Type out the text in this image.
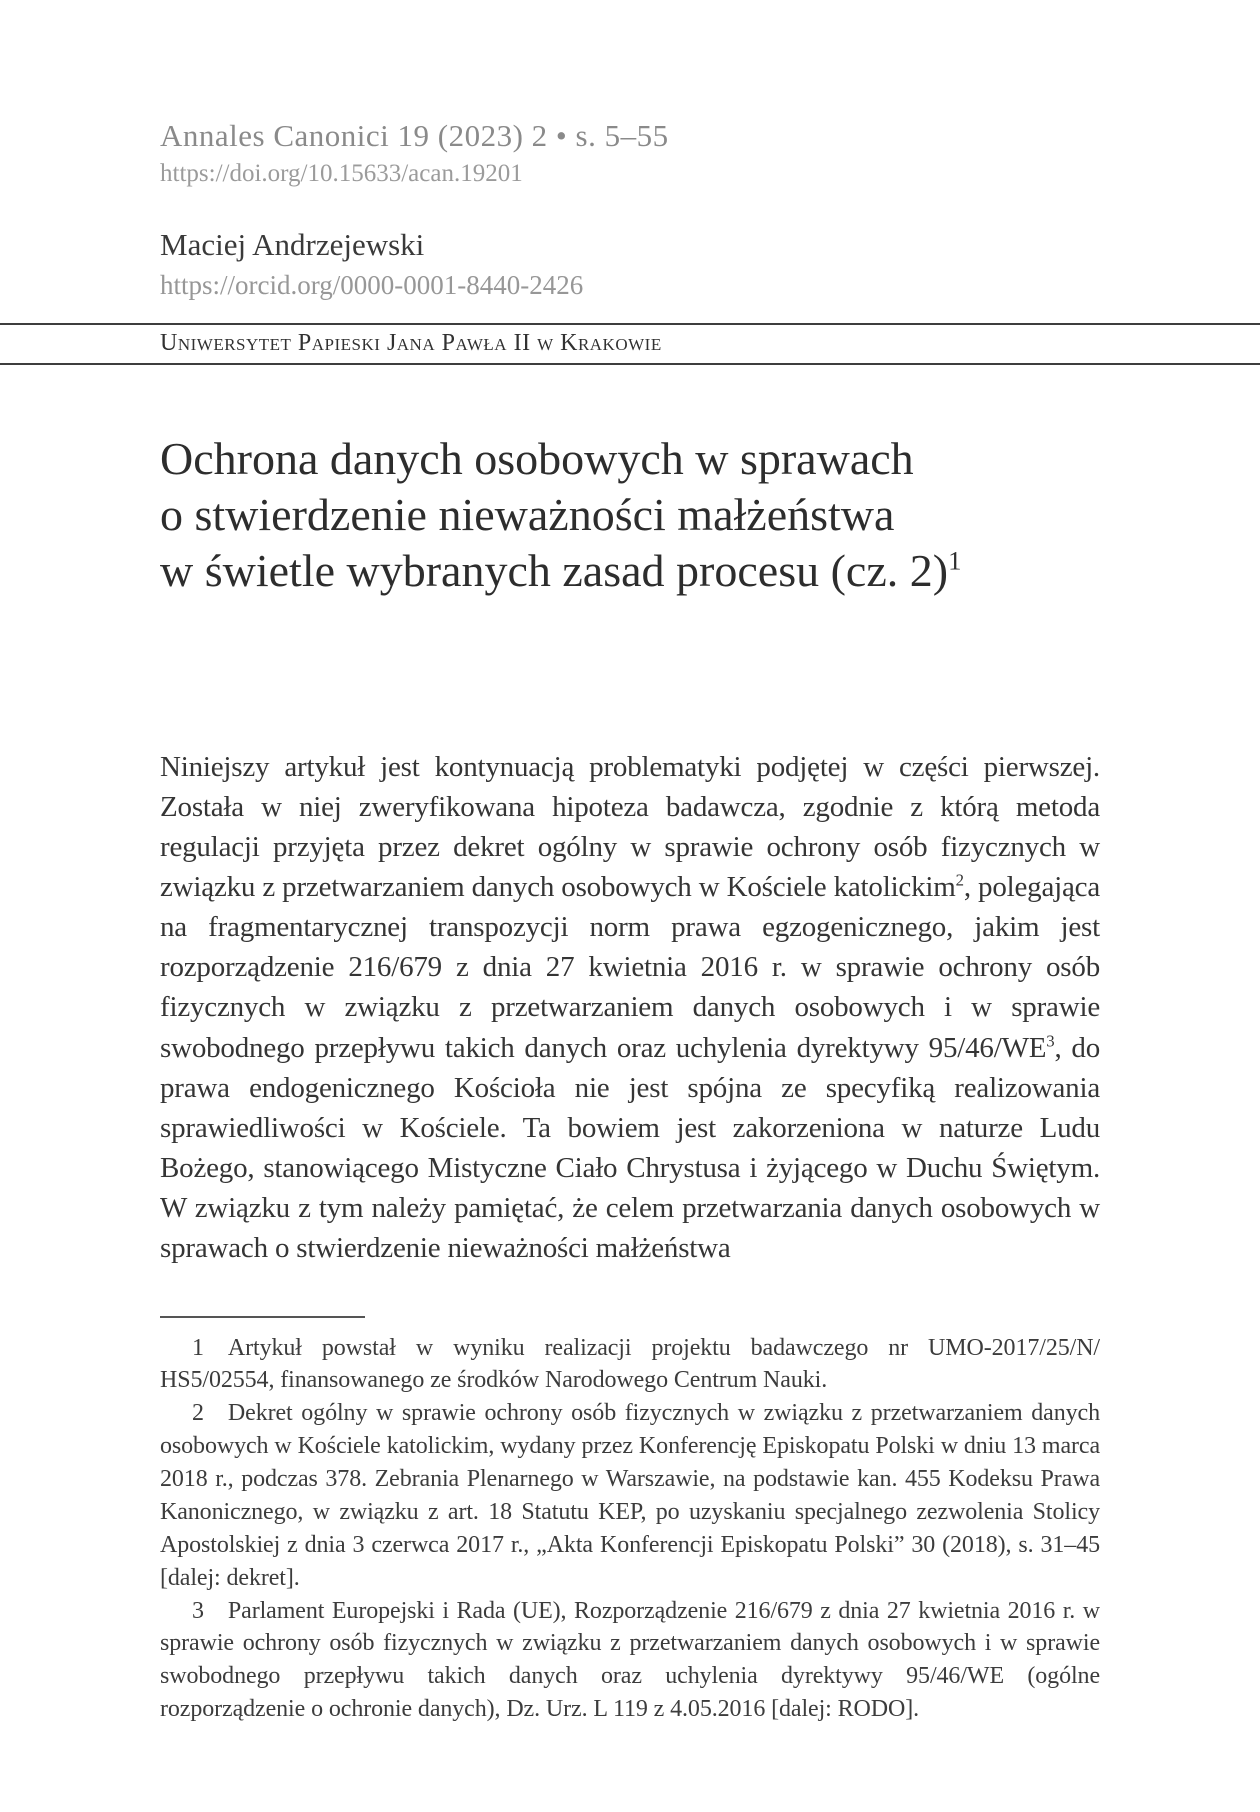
Annales Canonici 19 (2023) 2 • s. 5–55
https://doi.org/10.15633/acan.19201
Maciej Andrzejewski
https://orcid.org/0000-0001-8440-2426
Uniwersytet Papieski Jana Pawła II w Krakowie
Ochrona danych osobowych w sprawach
o stwierdzenie nieważności małżeństwa
w świetle wybranych zasad procesu (cz. 2)$^1$

Niniejszy artykuł jest kontynuacją problematyki podjętej w części pierwszej. Została w niej zweryfikowana hipoteza badawcza, zgodnie z którą metoda regulacji przyjęta przez dekret ogólny w sprawie ochrony osób fizycznych w związku z przetwarzaniem danych osobowych w Kościele katolickim$^2$, polegająca na fragmentarycznej transpozycji norm prawa egzogenicznego, jakim jest rozporządzenie 216/679 z dnia 27 kwietnia 2016 r. w sprawie ochrony osób fizycznych w związku z przetwarzaniem danych osobowych i w sprawie swobodnego przepływu takich danych oraz uchylenia dyrektywy $95/46/WE^3$, do prawa endogenicznego Kościoła nie jest spójna ze specyfiką realizowania sprawiedliwości w Kościele. Ta bowiem jest zakorzeniona w naturze Ludu Bożego, stanowiącego Mistyczne Ciało Chrystusa i żyjącego w Duchu Świętym. W związku z tym należy pamiętać, że celem przetwarzania danych osobowych w sprawach o stwierdzenie nieważności małżeństwa

1 Artykuł powstał w wyniku realizacji projektu badawczego nr UMO-2017/25/N/ HS5/02554, finansowanego ze środków Narodowego Centrum Nauki.

2 Dekret ogólny w sprawie ochrony osób fizycznych w związku z przetwarzaniem danych osobowych w Kościele katolickim, wydany przez Konferencję Episkopatu Polski w dniu 13 marca 2018 r., podczas 378. Zebrania Plenarnego w Warszawie, na podstawie kan. 455 Kodeksu Prawa Kanonicznego, w związku z art. 18 Statutu KEP, po uzyskaniu specjalnego zezwolenia Stolicy Apostolskiej z dnia 3 czerwca 2017 r., „Akta Konferencji Episkopatu Polski” 30 (2018), s. 31–45 [dalej: dekret].

3 Parlament Europejski i Rada (UE), Rozporządzenie 216/679 z dnia 27 kwietnia 2016 r. w sprawie ochrony osób fizycznych w związku z przetwarzaniem danych osobowych i w sprawie swobodnego przepływu takich danych oraz uchylenia dyrektywy 95/46/WE (ogólne rozporządzenie o ochronie danych), Dz. Urz. L 119 z 4.05.2016 [dalej: RODO].
